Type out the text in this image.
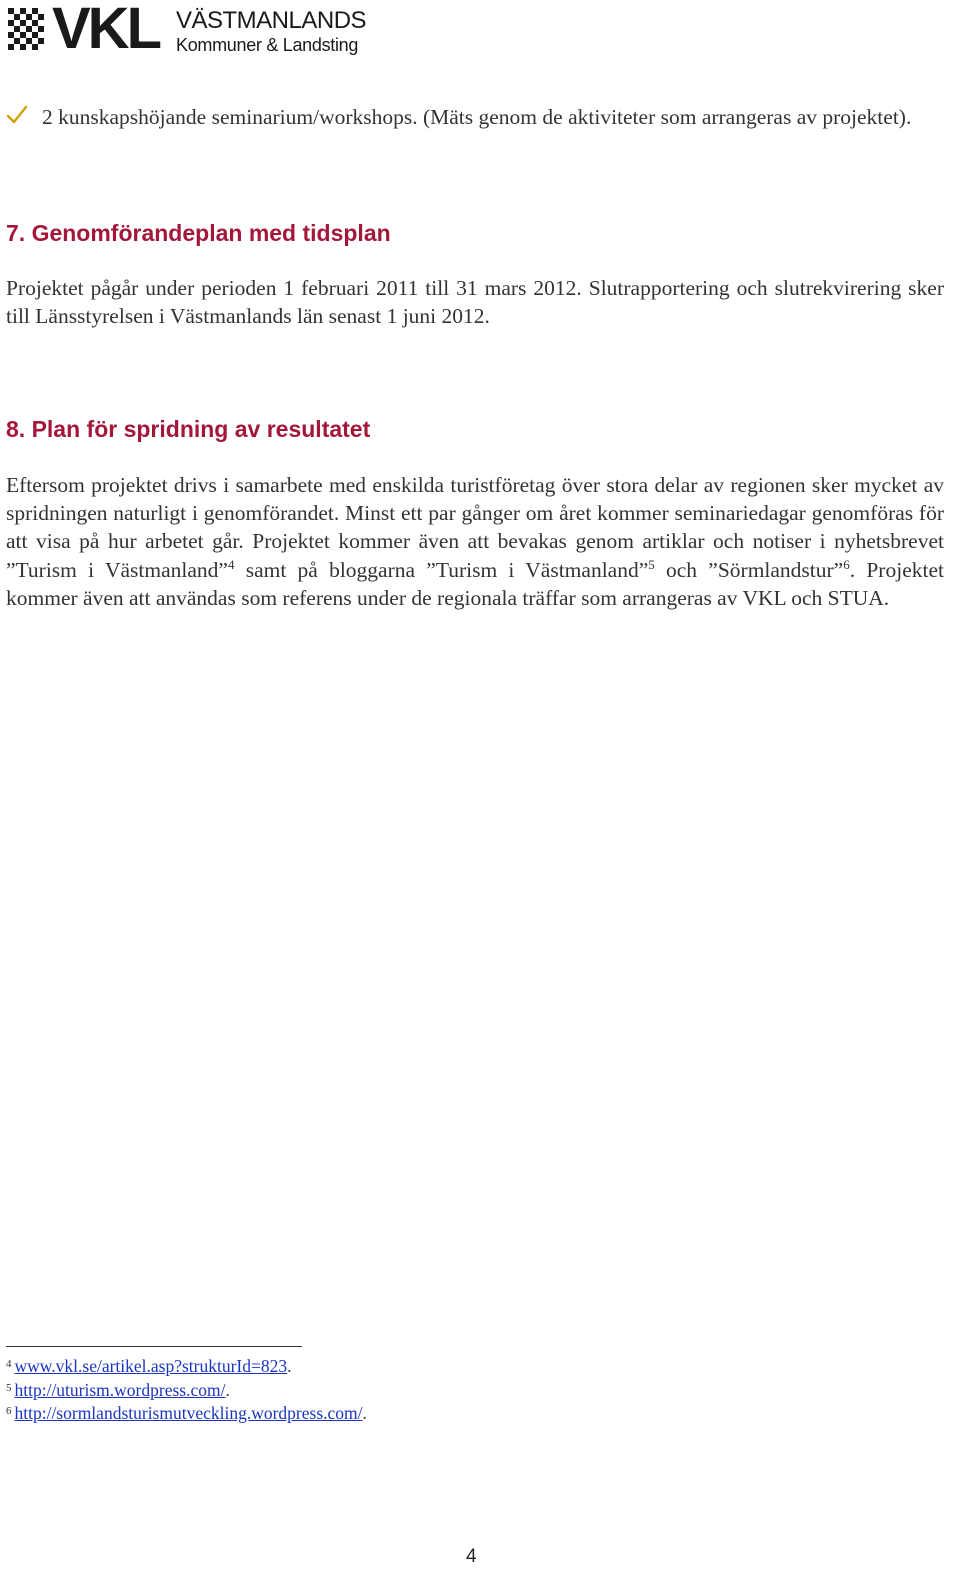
VKL VÄSTMANLANDS
Kommuner & Landsting
2 kunskapshöjande seminarium/workshops. (Mäts genom de aktiviteter som arrangeras av projektet).
7. Genomförandeplan med tidsplan

Projektet pågår under perioden 1 februari 2011 till 31 mars 2012. Slutrapportering och slutrekvirering sker till Länsstyrelsen i Västmanlands län senast 1 juni 2012.

8. Plan för spridning av resultatet

Eftersom projektet drivs i samarbete med enskilda turistföretag över stora delar av regionen sker mycket av spridningen naturligt i genomförandet. Minst ett par gånger om året kommer seminariedagar genomföras för att visa på hur arbetet går. Projektet kommer även att bevakas genom artiklar och notiser i nyhetsbrevet ”Turism i Västmanland”$^4$ samt på bloggarna ”Turism i Västmanland”$^5$ och ”Sörmlandstur”$^6$. Projektet kommer även att användas som referens under de regionala träffar som arrangeras av VKL och STUA.

$^4$ www.vkl.se/artikel.asp?strukturId=823.
$^5$ http://uturism.wordpress.com/.
$^6$ http://sormlandsturismutveckling.wordpress.com/.
4
